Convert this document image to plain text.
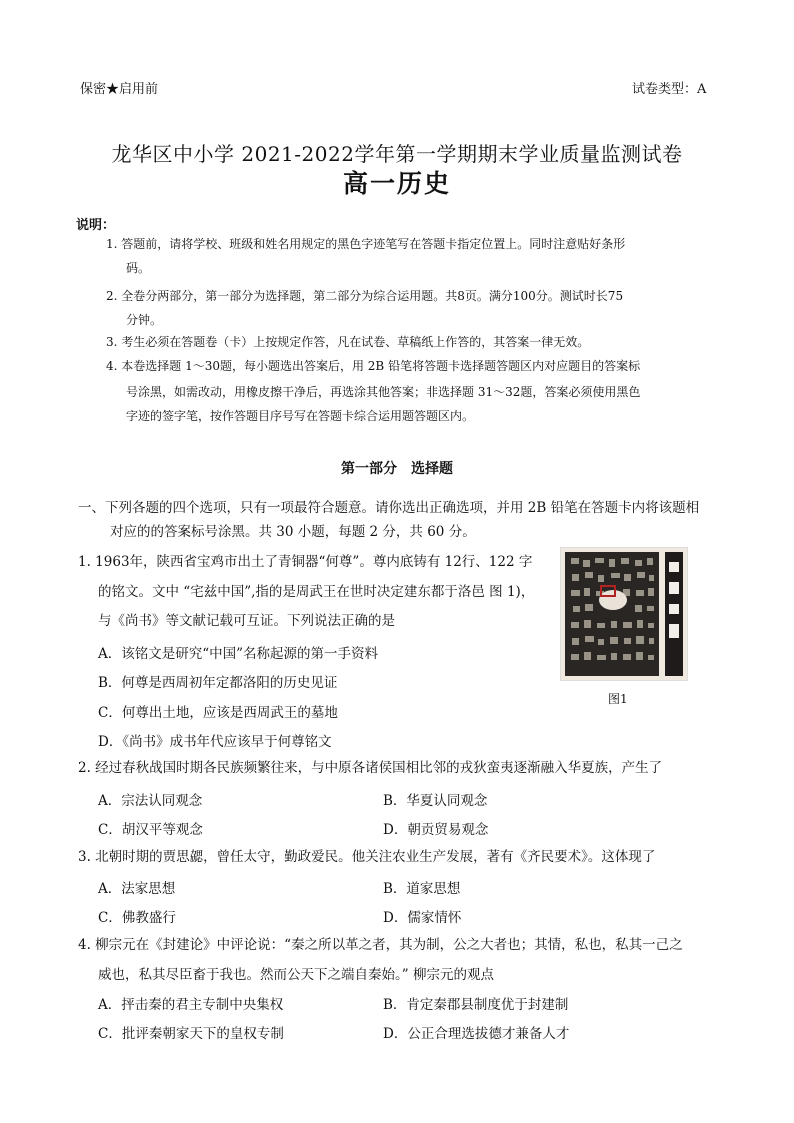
保密★启用前	试卷类型：A
龙华区中小学 2021-2022学年第一学期期末学业质量监测试卷
高一历史
说明：
1. 答题前，请将学校、班级和姓名用规定的黑色字迹笔写在答题卡指定位置上。同时注意贴好条形
码。
2. 全卷分两部分，第一部分为选择题，第二部分为综合运用题。共8页。满分100分。测试时长75
分钟。
3. 考生必须在答题卷（卡）上按规定作答，凡在试卷、草稿纸上作答的，其答案一律无效。
4. 本卷选择题 1～30题，每小题选出答案后，用 2B 铅笔将答题卡选择题答题区内对应题目的答案标
号涂黑，如需改动，用橡皮擦干净后，再选涂其他答案；非选择题 31～32题，答案必须使用黑色
字迹的签字笔，按作答题目序号写在答题卡综合运用题答题区内。
第一部分　选择题
一、下列各题的四个选项，只有一项最符合题意。请你选出正确选项，并用 2B 铅笔在答题卡内将该题相
对应的的答案标号涂黑。共 30 小题，每题 2 分，共 60 分。
1. 1963年，陕西省宝鸡市出土了青铜器“何尊”。尊内底铸有 12行、122 字
的铭文。文中 “宅兹中国”,指的是周武王在世时决定建东都于洛邑 图 1)，
与《尚书》等文献记载可互证。下列说法正确的是
A．该铭文是研究“中国”名称起源的第一手资料
B．何尊是西周初年定都洛阳的历史见证
C．何尊出土地，应该是西周武王的墓地
D．《尚书》成书年代应该早于何尊铭文
图1
2. 经过春秋战国时期各民族频繁往来，与中原各诸侯国相比邻的戎狄蛮夷逐渐融入华夏族，产生了
A．宗法认同观念	B．华夏认同观念
C．胡汉平等观念	D．朝贡贸易观念
3. 北朝时期的贾思勰，曾任太守，勤政爱民。他关注农业生产发展，著有《齐民要术》。这体现了
A．法家思想	B．道家思想
C．佛教盛行	D．儒家情怀
4. 柳宗元在《封建论》中评论说：“秦之所以革之者，其为制，公之大者也；其情，私也，私其一己之
威也，私其尽臣畜于我也。然而公天下之端自秦始。” 柳宗元的观点
A．抨击秦的君主专制中央集权	B．肯定秦郡县制度优于封建制
C．批评秦朝家天下的皇权专制	D．公正合理选拔德才兼备人才
